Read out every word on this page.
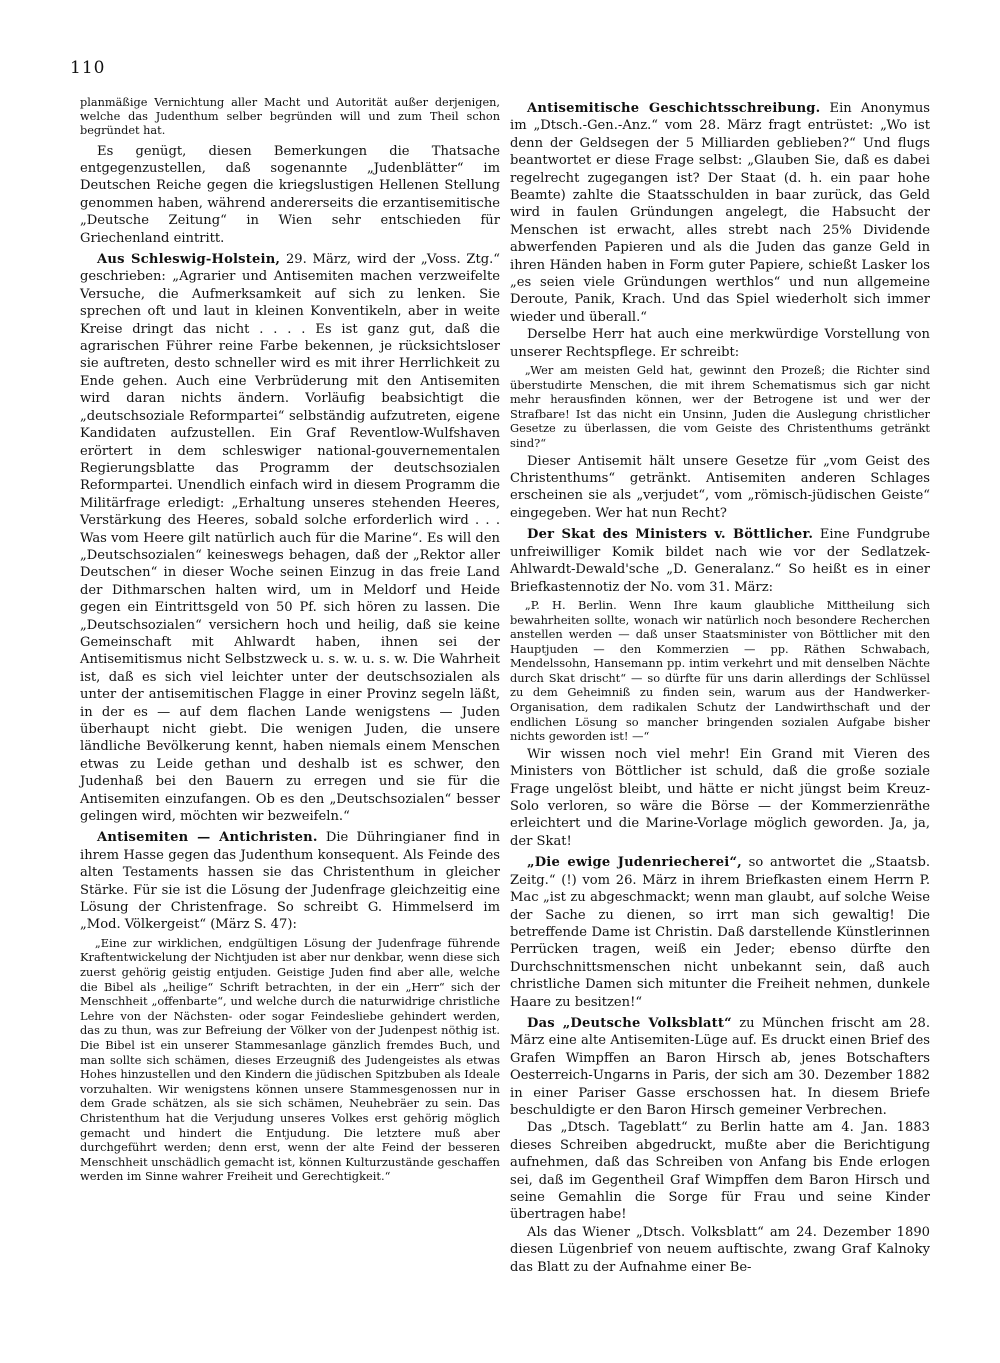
110

planmäßige Vernichtung aller Macht und Autorität außer derjenigen, welche das Judenthum selber begründen will und zum Theil schon begründet hat.

Es genügt, diesen Bemerkungen die Thatsache entgegenzustellen, daß sogenannte „Judenblätter“ im Deutschen Reiche gegen die kriegslustigen Hellenen Stellung genommen haben, während andererseits die erzantisemitische „Deutsche Zeitung“ in Wien sehr entschieden für Griechenland eintritt.

Aus Schleswig-Holstein, 29. März, wird der „Voss. Ztg.“ geschrieben: „Agrarier und Antisemiten machen verzweifelte Versuche, die Aufmerksamkeit auf sich zu lenken. Sie sprechen oft und laut in kleinen Konventikeln, aber in weite Kreise dringt das nicht . . . . Es ist ganz gut, daß die agrarischen Führer reine Farbe bekennen, je rücksichtsloser sie auftreten, desto schneller wird es mit ihrer Herrlichkeit zu Ende gehen. Auch eine Verbrüderung mit den Antisemiten wird daran nichts ändern. Vorläufig beabsichtigt die „deutschsoziale Reformpartei“ selbständig aufzutreten, eigene Kandidaten aufzustellen. Ein Graf Reventlow-Wulfshaven erörtert in dem schleswiger national-gouvernementalen Regierungsblatte das Programm der deutschsozialen Reformpartei. Unendlich einfach wird in diesem Programm die Militärfrage erledigt: „Erhaltung unseres stehenden Heeres, Verstärkung des Heeres, sobald solche erforderlich wird . . . Was vom Heere gilt natürlich auch für die Marine“. Es will den „Deutschsozialen“ keineswegs behagen, daß der „Rektor aller Deutschen“ in dieser Woche seinen Einzug in das freie Land der Dithmarschen halten wird, um in Meldorf und Heide gegen ein Eintrittsgeld von 50 Pf. sich hören zu lassen. Die „Deutschsozialen“ versichern hoch und heilig, daß sie keine Gemeinschaft mit Ahlwardt haben, ihnen sei der Antisemitismus nicht Selbstzweck u. s. w. u. s. w. Die Wahrheit ist, daß es sich viel leichter unter der deutschsozialen als unter der antisemitischen Flagge in einer Provinz segeln läßt, in der es — auf dem flachen Lande wenigstens — Juden überhaupt nicht giebt. Die wenigen Juden, die unsere ländliche Bevölkerung kennt, haben niemals einem Menschen etwas zu Leide gethan und deshalb ist es schwer, den Judenhaß bei den Bauern zu erregen und sie für die Antisemiten einzufangen. Ob es den „Deutschsozialen“ besser gelingen wird, möchten wir bezweifeln.“

Antisemiten — Antichristen. Die Dühringianer find in ihrem Hasse gegen das Judenthum konsequent. Als Feinde des alten Testaments hassen sie das Christenthum in gleicher Stärke. Für sie ist die Lösung der Judenfrage gleichzeitig eine Lösung der Christenfrage. So schreibt G. Himmelserd im „Mod. Völkergeist“ (März S. 47):

„Eine zur wirklichen, endgültigen Lösung der Judenfrage führende Kraftentwickelung der Nichtjuden ist aber nur denkbar, wenn diese sich zuerst gehörig geistig entjuden. Geistige Juden find aber alle, welche die Bibel als „heilige“ Schrift betrachten, in der ein „Herr“ sich der Menschheit „offenbarte“, und welche durch die naturwidrige christliche Lehre von der Nächsten- oder sogar Feindesliebe gehindert werden, das zu thun, was zur Befreiung der Völker von der Judenpest nöthig ist. Die Bibel ist ein unserer Stammesanlage gänzlich fremdes Buch, und man sollte sich schämen, dieses Erzeugniß des Judengeistes als etwas Hohes hinzustellen und den Kindern die jüdischen Spitzbuben als Ideale vorzuhalten. Wir wenigstens können unsere Stammesgenossen nur in dem Grade schätzen, als sie sich schämen, Neuhebräer zu sein. Das Christenthum hat die Verjudung unseres Volkes erst gehörig möglich gemacht und hindert die Entjudung. Die letztere muß aber durchgeführt werden; denn erst, wenn der alte Feind der besseren Menschheit unschädlich gemacht ist, können Kulturzustände geschaffen werden im Sinne wahrer Freiheit und Gerechtigkeit.“

Antisemitische Geschichtsschreibung. Ein Anonymus im „Dtsch.-Gen.-Anz.“ vom 28. März fragt entrüstet: „Wo ist denn der Geldsegen der 5 Milliarden geblieben?“ Und flugs beantwortet er diese Frage selbst: „Glauben Sie, daß es dabei regelrecht zugegangen ist? Der Staat (d. h. ein paar hohe Beamte) zahlte die Staatsschulden in baar zurück, das Geld wird in faulen Gründungen angelegt, die Habsucht der Menschen ist erwacht, alles strebt nach 25% Dividende abwerfenden Papieren und als die Juden das ganze Geld in ihren Händen haben in Form guter Papiere, schießt Lasker los „es seien viele Gründungen werthlos“ und nun allgemeine Deroute, Panik, Krach. Und das Spiel wiederholt sich immer wieder und überall.“

Derselbe Herr hat auch eine merkwürdige Vorstellung von unserer Rechtspflege. Er schreibt:

„Wer am meisten Geld hat, gewinnt den Prozeß; die Richter sind überstudirte Menschen, die mit ihrem Schematismus sich gar nicht mehr herausfinden können, wer der Betrogene ist und wer der Strafbare! Ist das nicht ein Unsinn, Juden die Auslegung christlicher Gesetze zu überlassen, die vom Geiste des Christenthums getränkt sind?“

Dieser Antisemit hält unsere Gesetze für „vom Geist des Christenthums“ getränkt. Antisemiten anderen Schlages erscheinen sie als „verjudet“, vom „römisch-jüdischen Geiste“ eingegeben. Wer hat nun Recht?

Der Skat des Ministers v. Böttlicher. Eine Fundgrube unfreiwilliger Komik bildet nach wie vor der Sedlatzek-Ahlwardt-Dewald'sche „D. Generalanz.“ So heißt es in einer Briefkastennotiz der No. vom 31. März:

„P. H. Berlin. Wenn Ihre kaum glaubliche Mittheilung sich bewahrheiten sollte, wonach wir natürlich noch besondere Recherchen anstellen werden — daß unser Staatsminister von Böttlicher mit den Hauptjuden — den Kommerzien — pp. Räthen Schwabach, Mendelssohn, Hansemann pp. intim verkehrt und mit denselben Nächte durch Skat drischt“ — so dürfte für uns darin allerdings der Schlüssel zu dem Geheimniß zu finden sein, warum aus der Handwerker-Organisation, dem radikalen Schutz der Landwirthschaft und der endlichen Lösung so mancher bringenden sozialen Aufgabe bisher nichts geworden ist! —“

Wir wissen noch viel mehr! Ein Grand mit Vieren des Ministers von Böttlicher ist schuld, daß die große soziale Frage ungelöst bleibt, und hätte er nicht jüngst beim Kreuz-Solo verloren, so wäre die Börse — der Kommerzienräthe erleichtert und die Marine-Vorlage möglich geworden. Ja, ja, der Skat!

„Die ewige Judenriecherei“, so antwortet die „Staatsb. Zeitg.“ (!) vom 26. März in ihrem Briefkasten einem Herrn P. Mac „ist zu abgeschmackt; wenn man glaubt, auf solche Weise der Sache zu dienen, so irrt man sich gewaltig! Die betreffende Dame ist Christin. Daß darstellende Künstlerinnen Perrücken tragen, weiß ein Jeder; ebenso dürfte den Durchschnittsmenschen nicht unbekannt sein, daß auch christliche Damen sich mitunter die Freiheit nehmen, dunkele Haare zu besitzen!“

Das „Deutsche Volksblatt“ zu München frischt am 28. März eine alte Antisemiten-Lüge auf. Es druckt einen Brief des Grafen Wimpffen an Baron Hirsch ab, jenes Botschafters Oesterreich-Ungarns in Paris, der sich am 30. Dezember 1882 in einer Pariser Gasse erschossen hat. In diesem Briefe beschuldigte er den Baron Hirsch gemeiner Verbrechen.

Das „Dtsch. Tageblatt“ zu Berlin hatte am 4. Jan. 1883 dieses Schreiben abgedruckt, mußte aber die Berichtigung aufnehmen, daß das Schreiben von Anfang bis Ende erlogen sei, daß im Gegentheil Graf Wimpffen dem Baron Hirsch und seine Gemahlin die Sorge für Frau und seine Kinder übertragen habe!

Als das Wiener „Dtsch. Volksblatt“ am 24. Dezember 1890 diesen Lügenbrief von neuem auftischte, zwang Graf Kalnoky das Blatt zu der Aufnahme einer Be-
